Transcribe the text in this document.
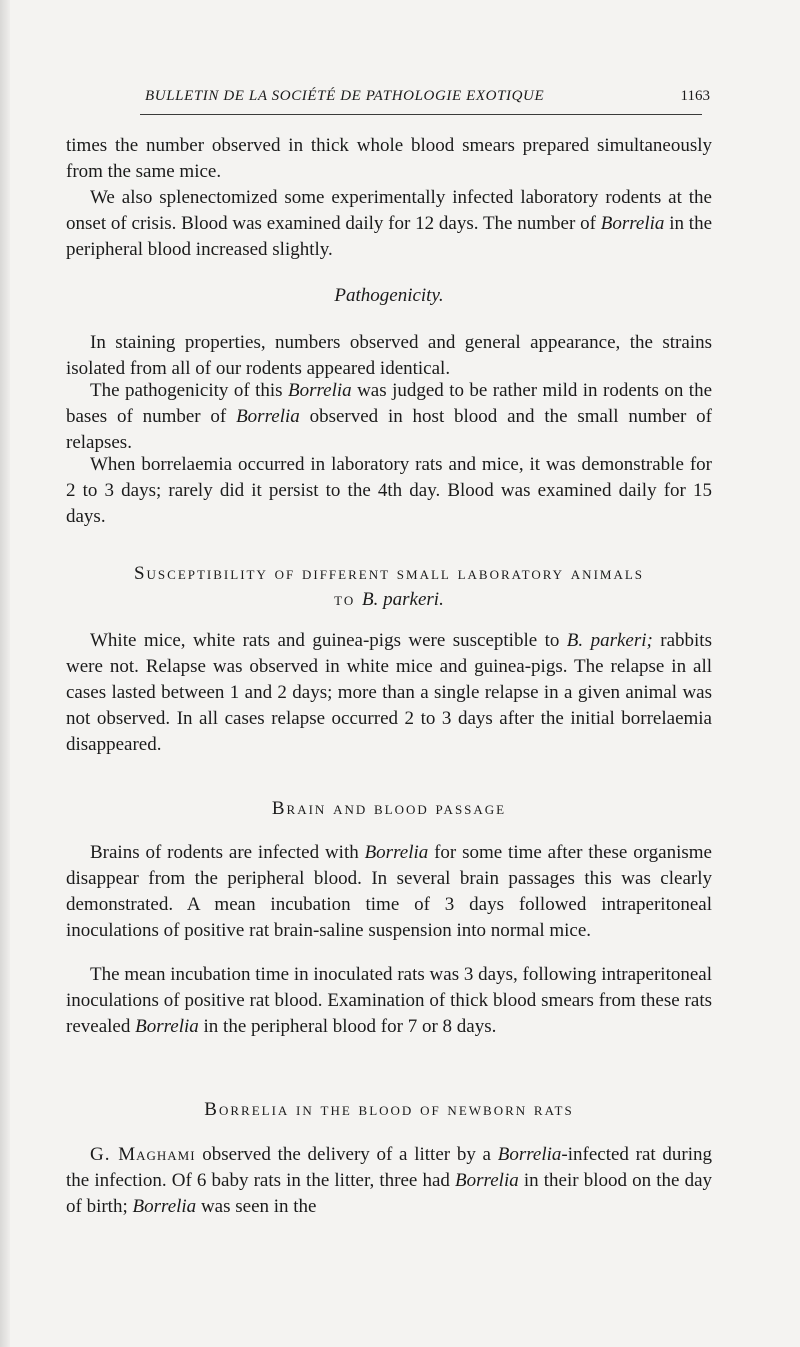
BULLETIN DE LA SOCIÉTÉ DE PATHOLOGIE EXOTIQUE	1163

times the number observed in thick whole blood smears prepared simultaneously from the same mice.

We also splenectomized some experimentally infected laboratory rodents at the onset of crisis. Blood was examined daily for 12 days. The number of Borrelia in the peripheral blood increased slightly.

Pathogenicity.

In staining properties, numbers observed and general appearance, the strains isolated from all of our rodents appeared identical.

The pathogenicity of this Borrelia was judged to be rather mild in rodents on the bases of number of Borrelia observed in host blood and the small number of relapses.

When borrelaemia occurred in laboratory rats and mice, it was demonstrable for 2 to 3 days; rarely did it persist to the 4th day. Blood was examined daily for 15 days.

Susceptibility of different small laboratory animals
to B. parkeri.

White mice, white rats and guinea-pigs were susceptible to B. parkeri; rabbits were not. Relapse was observed in white mice and guinea-pigs. The relapse in all cases lasted between 1 and 2 days; more than a single relapse in a given animal was not observed. In all cases relapse occurred 2 to 3 days after the initial borrelaemia disappeared.

Brain and blood passage

Brains of rodents are infected with Borrelia for some time after these organisme disappear from the peripheral blood. In several brain passages this was clearly demonstrated. A mean incubation time of 3 days followed intraperitoneal inoculations of positive rat brain-saline suspension into normal mice.

The mean incubation time in inoculated rats was 3 days, following intraperitoneal inoculations of positive rat blood. Examination of thick blood smears from these rats revealed Borrelia in the peripheral blood for 7 or 8 days.

Borrelia in the blood of newborn rats

G. Maghami observed the delivery of a litter by a Borrelia-infected rat during the infection. Of 6 baby rats in the litter, three had Borrelia in their blood on the day of birth; Borrelia was seen in the
